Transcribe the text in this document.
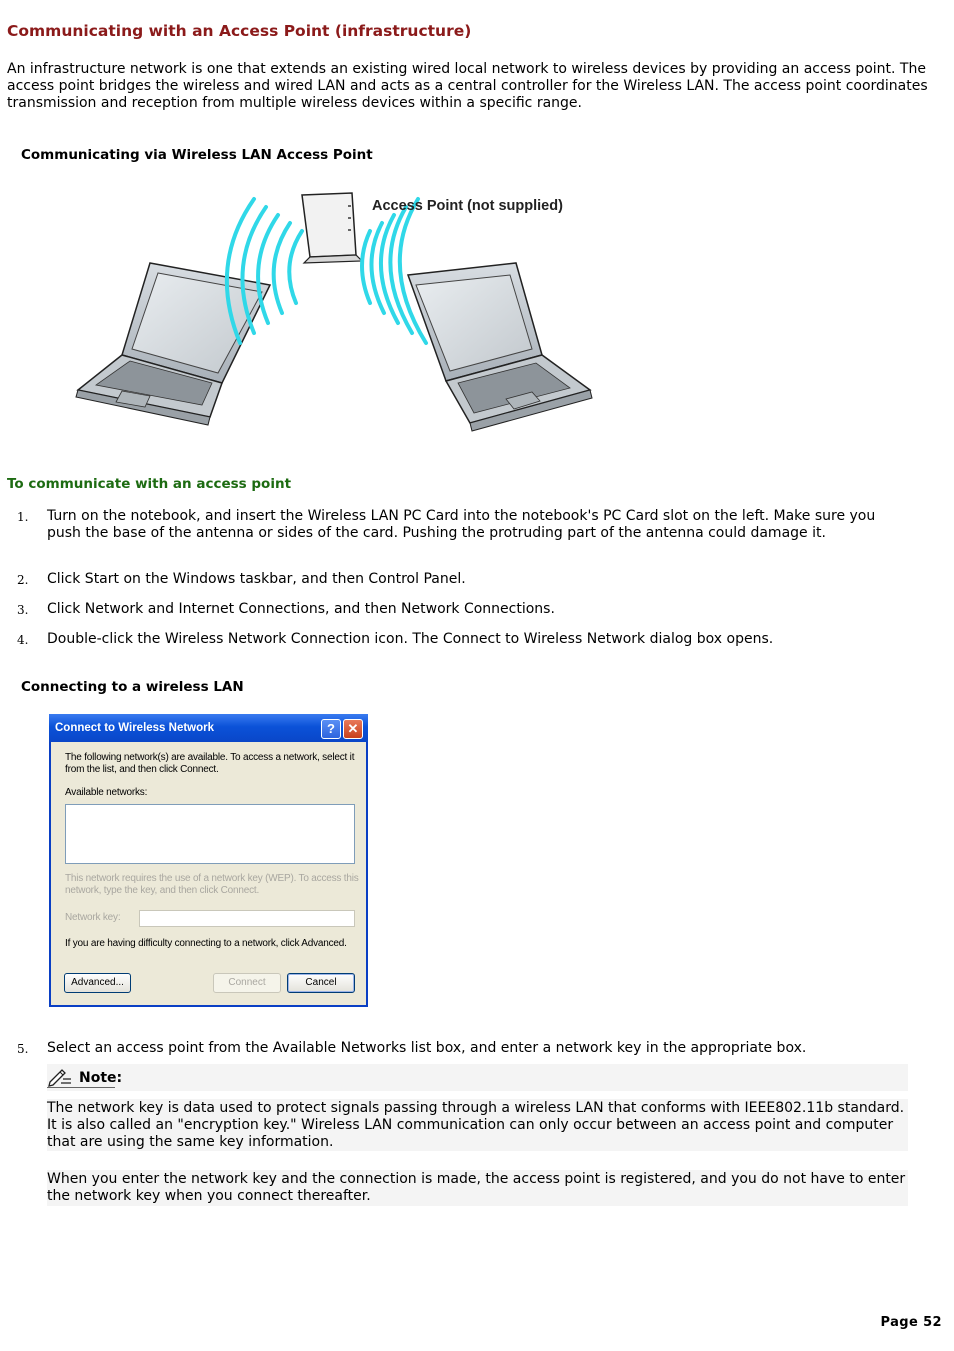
Communicating with an Access Point (infrastructure)
An infrastructure network is one that extends an existing wired local network to wireless devices by providing an access point. The access point bridges the wireless and wired LAN and acts as a central controller for the Wireless LAN. The access point coordinates transmission and reception from multiple wireless devices within a specific range.
Communicating via Wireless LAN Access Point
Access Point (not supplied)
To communicate with an access point
1. Turn on the notebook, and insert the Wireless LAN PC Card into the notebook's PC Card slot on the left. Make sure you push the base of the antenna or sides of the card. Pushing the protruding part of the antenna could damage it.
2. Click Start on the Windows taskbar, and then Control Panel.
3. Click Network and Internet Connections, and then Network Connections.
4. Double-click the Wireless Network Connection icon. The Connect to Wireless Network dialog box opens.
Connecting to a wireless LAN
Connect to Wireless Network	? ✕
The following network(s) are available. To access a network, select it from the list, and then click Connect.
Available networks:
This network requires the use of a network key (WEP). To access this network, type the key, and then click Connect.
Network key:
If you are having difficulty connecting to a network, click Advanced.
Advanced...	Connect	Cancel
5. Select an access point from the Available Networks list box, and enter a network key in the appropriate box.
Note:
The network key is data used to protect signals passing through a wireless LAN that conforms with IEEE802.11b standard. It is also called an "encryption key." Wireless LAN communication can only occur between an access point and computer that are using the same key information.
When you enter the network key and the connection is made, the access point is registered, and you do not have to enter the network key when you connect thereafter.
Page 52
